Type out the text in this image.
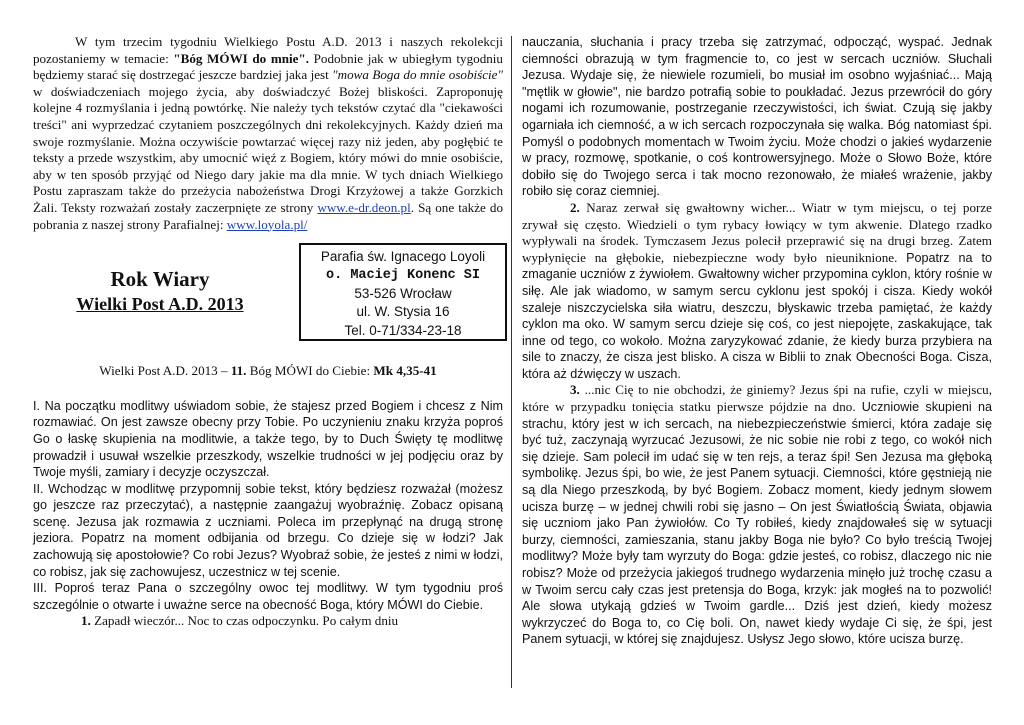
W tym trzecim tygodniu Wielkiego Postu A.D. 2013 i naszych rekolekcji pozostaniemy w temacie: "Bóg MÓWI do mnie". Podobnie jak w ubiegłym tygodniu będziemy starać się dostrzegać jeszcze bardziej jaka jest "mowa Boga do mnie osobiście" w doświadczeniach mojego życia, aby doświadczyć Bożej bliskości. Zaproponuję kolejne 4 rozmyślania i jedną powtórkę. Nie należy tych tekstów czytać dla "ciekawości treści" ani wyprzedzać czytaniem poszczególnych dni rekolekcyjnych. Każdy dzień ma swoje rozmyślanie. Można oczywiście powtarzać więcej razy niż jeden, aby pogłębić te teksty a przede wszystkim, aby umocnić więź z Bogiem, który mówi do mnie osobiście, aby w ten sposób przyjąć od Niego dary jakie ma dla mnie. W tych dniach Wielkiego Postu zapraszam także do przeżycia nabożeństwa Drogi Krzyżowej a także Gorzkich Żali. Teksty rozważań zostały zaczerpnięte ze strony www.e-dr.deon.pl. Są one także do pobrania z naszej strony Parafialnej: www.loyola.pl/

Rok Wiary
Wielki Post A.D. 2013
Parafia św. Ignacego Loyoli
o. Maciej Konenc SI
53-526 Wrocław
ul. W. Stysia 16
Tel. 0-71/334-23-18

Wielki Post A.D. 2013 – 11. Bóg MÓWI do Ciebie: Mk 4,35-41

I. Na początku modlitwy uświadom sobie, że stajesz przed Bogiem i chcesz z Nim rozmawiać. On jest zawsze obecny przy Tobie. Po uczynieniu znaku krzyża poproś Go o łaskę skupienia na modlitwie, a także tego, by to Duch Święty tę modlitwę prowadził i usuwał wszelkie przeszkody, wszelkie trudności w jej podjęciu oraz by Twoje myśli, zamiary i decyzje oczyszczał.

II. Wchodząc w modlitwę przypomnij sobie tekst, który będziesz rozważał (możesz go jeszcze raz przeczytać), a następnie zaangażuj wyobraźnię. Zobacz opisaną scenę. Jezusa jak rozmawia z uczniami. Poleca im przepłynąć na drugą stronę jeziora. Popatrz na moment odbijania od brzegu. Co dzieje się w łodzi? Jak zachowują się apostołowie? Co robi Jezus? Wyobraź sobie, że jesteś z nimi w łodzi, co robisz, jak się zachowujesz, uczestnicz w tej scenie.

III. Poproś teraz Pana o szczególny owoc tej modlitwy. W tym tygodniu proś szczególnie o otwarte i uważne serce na obecność Boga, który MÓWI do Ciebie.

1. Zapadł wieczór... Noc to czas odpoczynku. Po całym dniu

nauczania, słuchania i pracy trzeba się zatrzymać, odpocząć, wyspać. Jednak ciemności obrazują w tym fragmencie to, co jest w sercach uczniów. Słuchali Jezusa. Wydaje się, że niewiele rozumieli, bo musiał im osobno wyjaśniać... Mają "mętlik w głowie", nie bardzo potrafią sobie to poukładać. Jezus przewrócił do góry nogami ich rozumowanie, postrzeganie rzeczywistości, ich świat. Czują się jakby ogarniała ich ciemność, a w ich sercach rozpoczynała się walka. Bóg natomiast śpi. Pomyśl o podobnych momentach w Twoim życiu. Może chodzi o jakieś wydarzenie w pracy, rozmowę, spotkanie, o coś kontrowersyjnego. Może o Słowo Boże, które dobiło się do Twojego serca i tak mocno rezonowało, że miałeś wrażenie, jakby robiło się coraz ciemniej.

2. Naraz zerwał się gwałtowny wicher... Wiatr w tym miejscu, o tej porze zrywał się często. Wiedzieli o tym rybacy łowiący w tym akwenie. Dlatego rzadko wypływali na środek. Tymczasem Jezus polecił przeprawić się na drugi brzeg. Zatem wypłynięcie na głębokie, niebezpieczne wody było nieuniknione. Popatrz na to zmaganie uczniów z żywiołem. Gwałtowny wicher przypomina cyklon, który rośnie w siłę. Ale jak wiadomo, w samym sercu cyklonu jest spokój i cisza. Kiedy wokół szaleje niszczycielska siła wiatru, deszczu, błyskawic trzeba pamiętać, że każdy cyklon ma oko. W samym sercu dzieje się coś, co jest niepojęte, zaskakujące, tak inne od tego, co wokoło. Można zaryzykować zdanie, że kiedy burza przybiera na sile to znaczy, że cisza jest blisko. A cisza w Biblii to znak Obecności Boga. Cisza, która aż dźwięczy w uszach.

3. ...nic Cię to nie obchodzi, że giniemy? Jezus śpi na rufie, czyli w miejscu, które w przypadku tonięcia statku pierwsze pójdzie na dno. Uczniowie skupieni na strachu, który jest w ich sercach, na niebezpieczeństwie śmierci, która zadaje się być tuż, zaczynają wyrzucać Jezusowi, że nic sobie nie robi z tego, co wokół nich się dzieje. Sam polecił im udać się w ten rejs, a teraz śpi! Sen Jezusa ma głęboką symbolikę. Jezus śpi, bo wie, że jest Panem sytuacji. Ciemności, które gęstnieją nie są dla Niego przeszkodą, by być Bogiem. Zobacz moment, kiedy jednym słowem ucisza burzę – w jednej chwili robi się jasno – On jest Światłością Świata, objawia się uczniom jako Pan żywiołów. Co Ty robiłeś, kiedy znajdowałeś się w sytuacji burzy, ciemności, zamieszania, stanu jakby Boga nie było? Co było treścią Twojej modlitwy? Może były tam wyrzuty do Boga: gdzie jesteś, co robisz, dlaczego nic nie robisz? Może od przeżycia jakiegoś trudnego wydarzenia minęło już trochę czasu a w Twoim sercu cały czas jest pretensja do Boga, krzyk: jak mogłeś na to pozwolić! Ale słowa utykają gdzieś w Twoim gardle... Dziś jest dzień, kiedy możesz wykrzyczeć do Boga to, co Cię boli. On, nawet kiedy wydaje Ci się, że śpi, jest Panem sytuacji, w której się znajdujesz. Usłysz Jego słowo, które ucisza burzę.
